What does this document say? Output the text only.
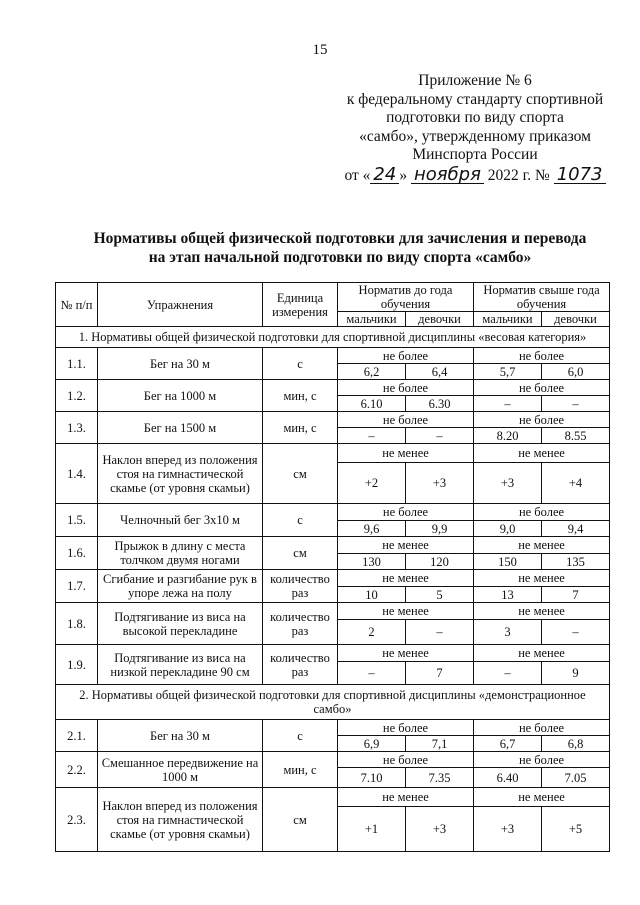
15
Приложение № 6
к федеральному стандарту спортивной
подготовки по виду спорта
«самбо», утвержденному приказом
Минспорта России
от « 24 » ноября 2022 г. № 1073
Нормативы общей физической подготовки для зачисления и перевода
на этап начальной подготовки по виду спорта «самбо»
№ п/п	Упражнения	Единица измерения	Норматив до года обучения		Норматив свыше года обучения	
			мальчики	девочки	мальчики	девочки
1. Нормативы общей физической подготовки для спортивной дисциплины «весовая категория»						
1.1.	Бег на 30 м	с	не более		не более	
			6,2	6,4	5,7	6,0
1.2.	Бег на 1000 м	мин, с	не более		не более	
			6.10	6.30	–	–
1.3.	Бег на 1500 м	мин, с	не более		не более	
			–	–	8.20	8.55
1.4.	Наклон вперед из положения стоя на гимнастической скамье (от уровня скамьи)	см	не менее		не менее	
			+2	+3	+3	+4
1.5.	Челночный бег 3x10 м	с	не более		не более	
			9,6	9,9	9,0	9,4
1.6.	Прыжок в длину с места толчком двумя ногами	см	не менее		не менее	
			130	120	150	135
1.7.	Сгибание и разгибание рук в упоре лежа на полу	количество раз	не менее		не менее	
			10	5	13	7
1.8.	Подтягивание из виса на высокой перекладине	количество раз	не менее		не менее	
			2	–	3	–
1.9.	Подтягивание из виса на низкой перекладине 90 см	количество раз	не менее		не менее	
			–	7	–	9
2. Нормативы общей физической подготовки для спортивной дисциплины «демонстрационное самбо»						
2.1.	Бег на 30 м	с	не более		не более	
			6,9	7,1	6,7	6,8
2.2.	Смешанное передвижение на 1000 м	мин, с	не более		не более	
			7.10	7.35	6.40	7.05
2.3.	Наклон вперед из положения стоя на гимнастической скамье (от уровня скамьи)	см	не менее		не менее	
			+1	+3	+3	+5
